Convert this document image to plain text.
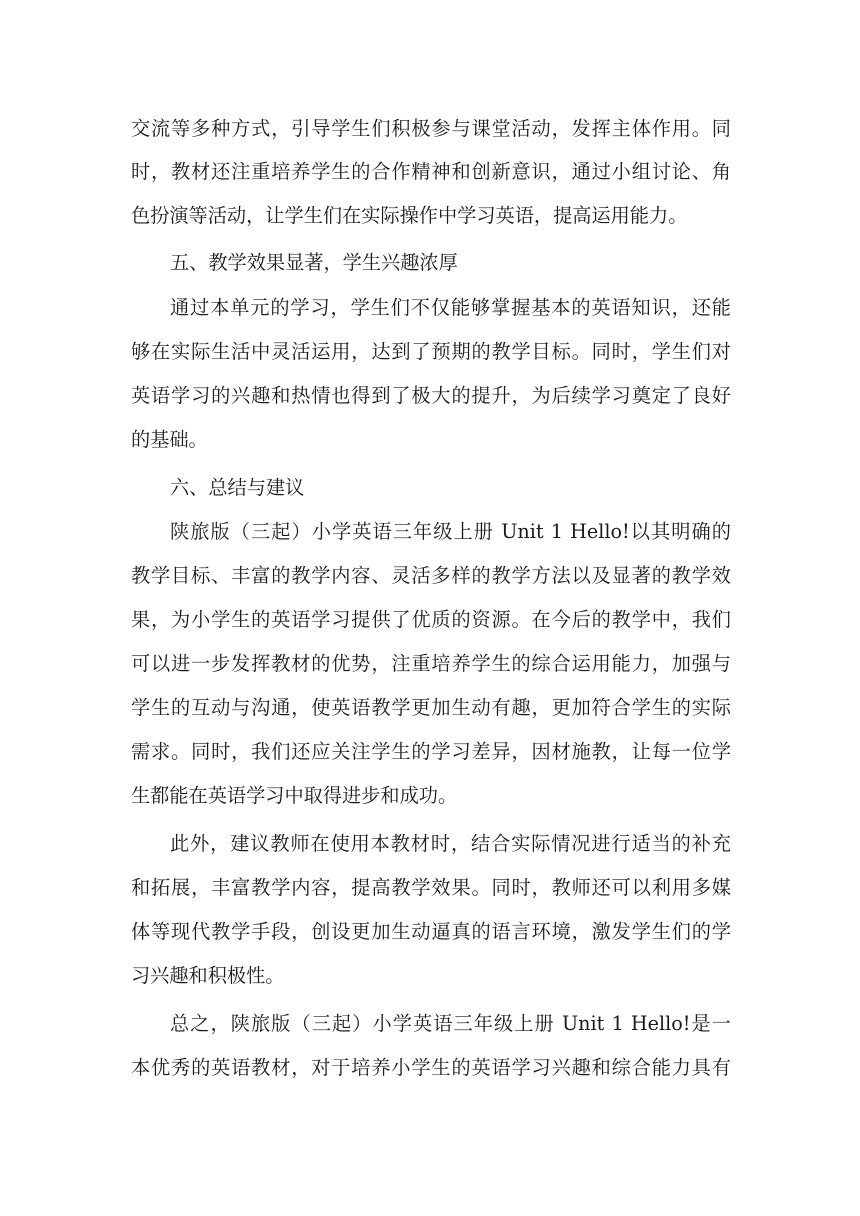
交流等多种方式，引导学生们积极参与课堂活动，发挥主体作用。同
时，教材还注重培养学生的合作精神和创新意识，通过小组讨论、角
色扮演等活动，让学生们在实际操作中学习英语，提高运用能力。
五、教学效果显著，学生兴趣浓厚
通过本单元的学习，学生们不仅能够掌握基本的英语知识，还能
够在实际生活中灵活运用，达到了预期的教学目标。同时，学生们对
英语学习的兴趣和热情也得到了极大的提升，为后续学习奠定了良好
的基础。
六、总结与建议
陕旅版（三起）小学英语三年级上册 Unit 1 Hello!以其明确的
教学目标、丰富的教学内容、灵活多样的教学方法以及显著的教学效
果，为小学生的英语学习提供了优质的资源。在今后的教学中，我们
可以进一步发挥教材的优势，注重培养学生的综合运用能力，加强与
学生的互动与沟通，使英语教学更加生动有趣，更加符合学生的实际
需求。同时，我们还应关注学生的学习差异，因材施教，让每一位学
生都能在英语学习中取得进步和成功。
此外，建议教师在使用本教材时，结合实际情况进行适当的补充
和拓展，丰富教学内容，提高教学效果。同时，教师还可以利用多媒
体等现代教学手段，创设更加生动逼真的语言环境，激发学生们的学
习兴趣和积极性。
总之，陕旅版（三起）小学英语三年级上册 Unit 1 Hello!是一
本优秀的英语教材，对于培养小学生的英语学习兴趣和综合能力具有
